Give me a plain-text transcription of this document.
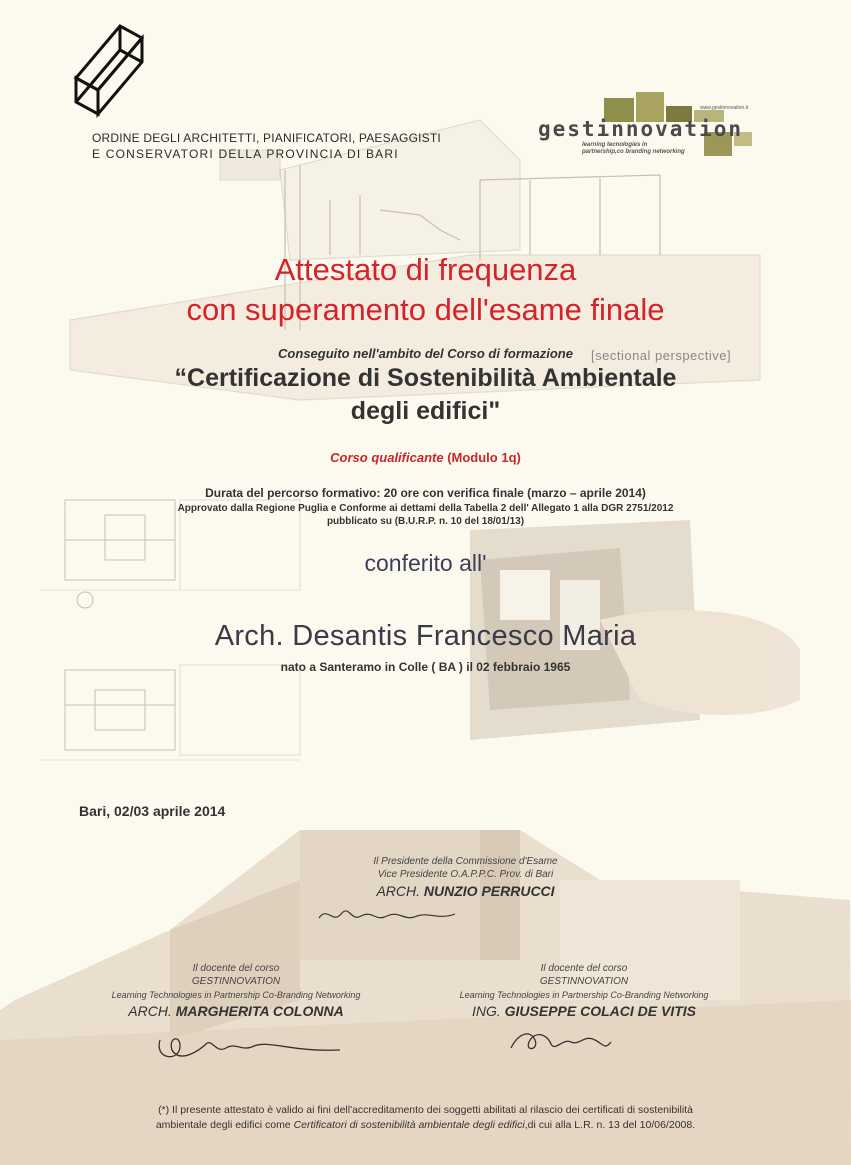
ORDINE DEGLI ARCHITETTI, PIANIFICATORI, PAESAGGISTI
E CONSERVATORI DELLA PROVINCIA DI BARI
www.gestinnovation.it
gestinnovation
learning tecnologies in
partnership,co branding networking
[sectional perspective]
Attestato di frequenza
con superamento dell'esame finale
Conseguito nell'ambito del Corso di formazione
“Certificazione di Sostenibilità Ambientale
degli edifici"
Corso qualificante (Modulo 1q)
Durata del percorso formativo: 20 ore con verifica finale (marzo – aprile 2014)
Approvato dalla Regione Puglia e Conforme ai dettami della Tabella 2 dell' Allegato 1 alla DGR 2751/2012
pubblicato su (B.U.R.P. n. 10 del 18/01/13)
conferito all'
Arch. Desantis Francesco Maria
nato a Santeramo in Colle ( BA ) il 02 febbraio 1965
Bari, 02/03 aprile 2014
Il Presidente della Commissione d'Esame
Vice Presidente O.A.P.P.C. Prov. di Bari
ARCH. NUNZIO PERRUCCI
Il docente del corso
GESTINNOVATION
Learning Technologies in Partnership Co-Branding Networking
ARCH. MARGHERITA COLONNA
Il docente del corso
GESTINNOVATION
Learning Technologies in Partnership Co-Branding Networking
ING. GIUSEPPE COLACI DE VITIS
(*) Il presente attestato è valido ai fini dell'accreditamento dei soggetti abilitati al rilascio dei certificati di sostenibilità
ambientale degli edifici come Certificatori di sostenibilità ambientale degli edifici,di cui alla L.R. n. 13 del 10/06/2008.
